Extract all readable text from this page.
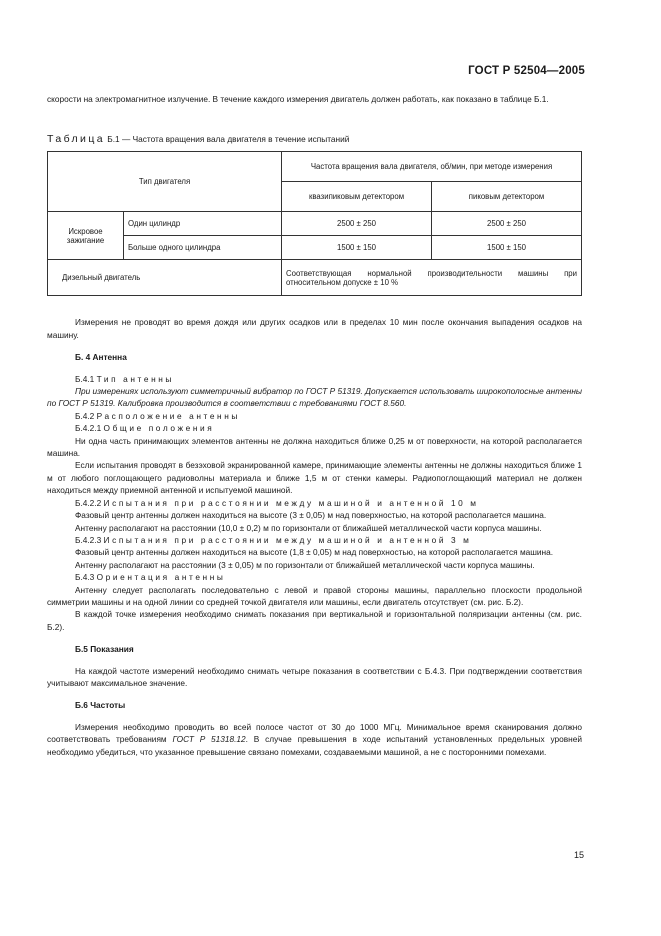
ГОСТ Р 52504—2005

скорости на электромагнитное излучение. В течение каждого измерения двигатель должен работать, как показано в таблице Б.1.

Таблица Б.1 — Частота вращения вала двигателя в течение испытаний
Тип двигателя		Частота вращения вала двигателя, об/мин, при методе измерения	
		квазипиковым детектором	пиковым детектором
Искровое зажигание	Один цилиндр	2500 ± 250	2500 ± 250
	Больше одного цилиндра	1500 ± 150	1500 ± 150
Дизельный двигатель		Соответствующая нормальной производительности машины при относительном допуске ± 10 %	

Измерения не проводят во время дождя или других осадков или в пределах 10 мин после окончания выпадения осадков на машину.

Б. 4 Антенна

Б.4.1 Тип антенны

При измерениях используют симметричный вибратор по ГОСТ Р 51319. Допускается использовать широкополосные антенны по ГОСТ Р 51319. Калибровка производится в соответствии с требованиями ГОСТ 8.560.

Б.4.2 Расположение антенны

Б.4.2.1 Общие положения

Ни одна часть принимающих элементов антенны не должна находиться ближе 0,25 м от поверхности, на которой располагается машина.

Если испытания проводят в безэховой экранированной камере, принимающие элементы антенны не должны находиться ближе 1 м от любого поглощающего радиоволны материала и ближе 1,5 м от стенки камеры. Радиопоглощающий материал не должен находиться между приемной антенной и испытуемой машиной.

Б.4.2.2 Испытания при расстоянии между машиной и антенной 10 м

Фазовый центр антенны должен находиться на высоте (3 ± 0,05) м над поверхностью, на которой располагается машина.

Антенну располагают на расстоянии (10,0 ± 0,2) м по горизонтали от ближайшей металлической части корпуса машины.

Б.4.2.3 Испытания при расстоянии между машиной и антенной 3 м

Фазовый центр антенны должен находиться на высоте (1,8 ± 0,05) м над поверхностью, на которой располагается машина.

Антенну располагают на расстоянии (3 ± 0,05) м по горизонтали от ближайшей металлической части корпуса машины.

Б.4.3 Ориентация антенны

Антенну следует располагать последовательно с левой и правой стороны машины, параллельно плоскости продольной симметрии машины и на одной линии со средней точкой двигателя или машины, если двигатель отсутствует (см. рис. Б.2).

В каждой точке измерения необходимо снимать показания при вертикальной и горизонтальной поляризации антенны (см. рис. Б.2).

Б.5 Показания

На каждой частоте измерений необходимо снимать четыре показания в соответствии с Б.4.3. При подтверждении соответствия учитывают максимальное значение.

Б.6 Частоты

Измерения необходимо проводить во всей полосе частот от 30 до 1000 МГц. Минимальное время сканирования должно соответствовать требованиям ГОСТ Р 51318.12. В случае превышения в ходе испытаний установленных предельных уровней необходимо убедиться, что указанное превышение связано помехами, создаваемыми машиной, а не с посторонними помехами.

15
